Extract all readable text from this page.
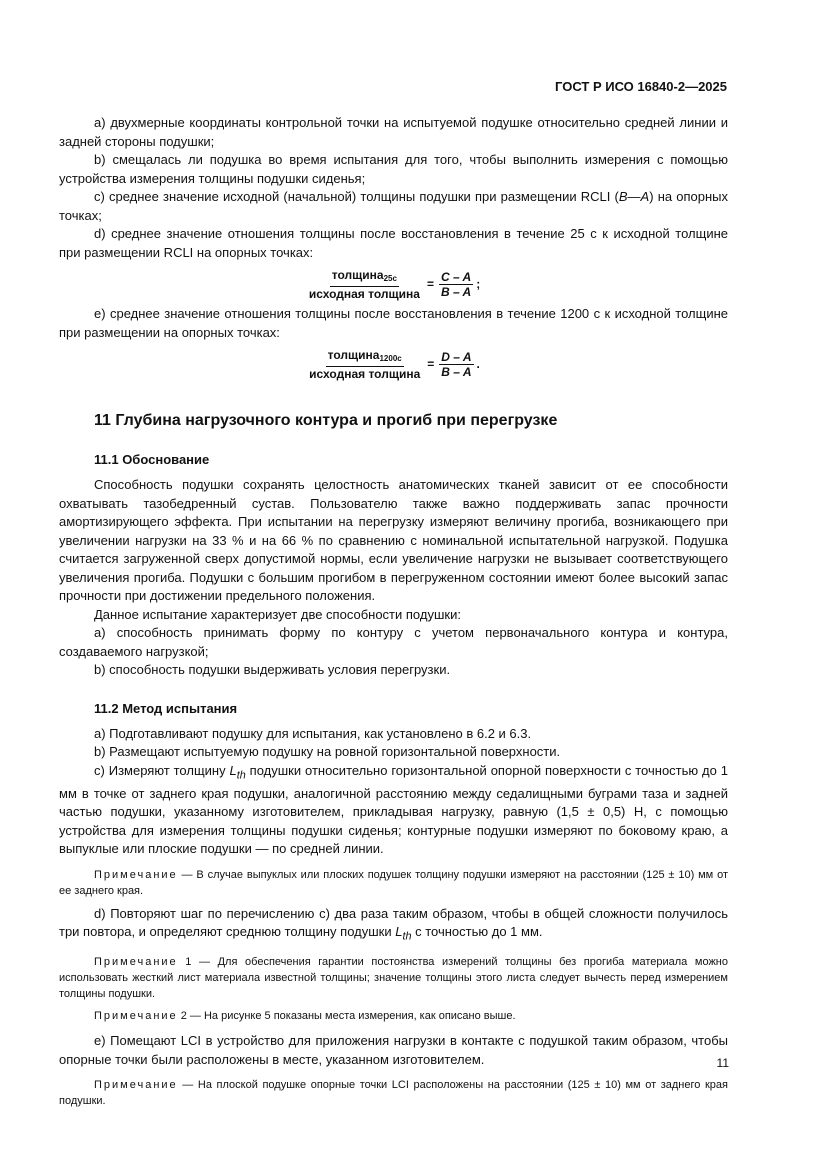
ГОСТ Р ИСО 16840-2—2025

a) двухмерные координаты контрольной точки на испытуемой подушке относительно средней линии и задней стороны подушки;

b) смещалась ли подушка во время испытания для того, чтобы выполнить измерения с помощью устройства измерения толщины подушки сиденья;

c) среднее значение исходной (начальной) толщины подушки при размещении RCLI (B—A) на опорных точках;

d) среднее значение отношения толщины после восстановления в течение 25 с к исходной толщине при размещении RCLI на опорных точках:

$\frac{толщина_{25с}}{\text{исходная толщина}} = \frac{C - A}{B - A}$ ;

e) среднее значение отношения толщины после восстановления в течение 1200 с к исходной толщине при размещении на опорных точках:

$\frac{толщина_{1200с}}{\text{исходная толщина}} = \frac{D - A}{B - A}$ .
11 Глубина нагрузочного контура и прогиб при перегрузке
11.1 Обоснование

Способность подушки сохранять целостность анатомических тканей зависит от ее способности охватывать тазобедренный сустав. Пользователю также важно поддерживать запас прочности амортизирующего эффекта. При испытании на перегрузку измеряют величину прогиба, возникающего при увеличении нагрузки на 33 % и на 66 % по сравнению с номинальной испытательной нагрузкой. Подушка считается загруженной сверх допустимой нормы, если увеличение нагрузки не вызывает соответствующего увеличения прогиба. Подушки с большим прогибом в перегруженном состоянии имеют более высокий запас прочности при достижении предельного положения.

Данное испытание характеризует две способности подушки:

a) способность принимать форму по контуру с учетом первоначального контура и контура, создаваемого нагрузкой;

b) способность подушки выдерживать условия перегрузки.

11.2 Метод испытания

a) Подготавливают подушку для испытания, как установлено в 6.2 и 6.3.

b) Размещают испытуемую подушку на ровной горизонтальной поверхности.

c) Измеряют толщину $L_{th}$ подушки относительно горизонтальной опорной поверхности с точностью до 1 мм в точке от заднего края подушки, аналогичной расстоянию между седалищными буграми таза и задней частью подушки, указанному изготовителем, прикладывая нагрузку, равную (1,5 ± 0,5) Н, с помощью устройства для измерения толщины подушки сиденья; контурные подушки измеряют по боковому краю, а выпуклые или плоские подушки — по средней линии.

Примечание — В случае выпуклых или плоских подушек толщину подушки измеряют на расстоянии (125 ± 10) мм от ее заднего края.

d) Повторяют шаг по перечислению c) два раза таким образом, чтобы в общей сложности получилось три повтора, и определяют среднюю толщину подушки $L_{th}$ с точностью до 1 мм.

Примечание 1 — Для обеспечения гарантии постоянства измерений толщины без прогиба материала можно использовать жесткий лист материала известной толщины; значение толщины этого листа следует вычесть перед измерением толщины подушки.

Примечание 2 — На рисунке 5 показаны места измерения, как описано выше.

e) Помещают LCI в устройство для приложения нагрузки в контакте с подушкой таким образом, чтобы опорные точки были расположены в месте, указанном изготовителем.

Примечание — На плоской подушке опорные точки LCI расположены на расстоянии (125 ± 10) мм от заднего края подушки.

11
